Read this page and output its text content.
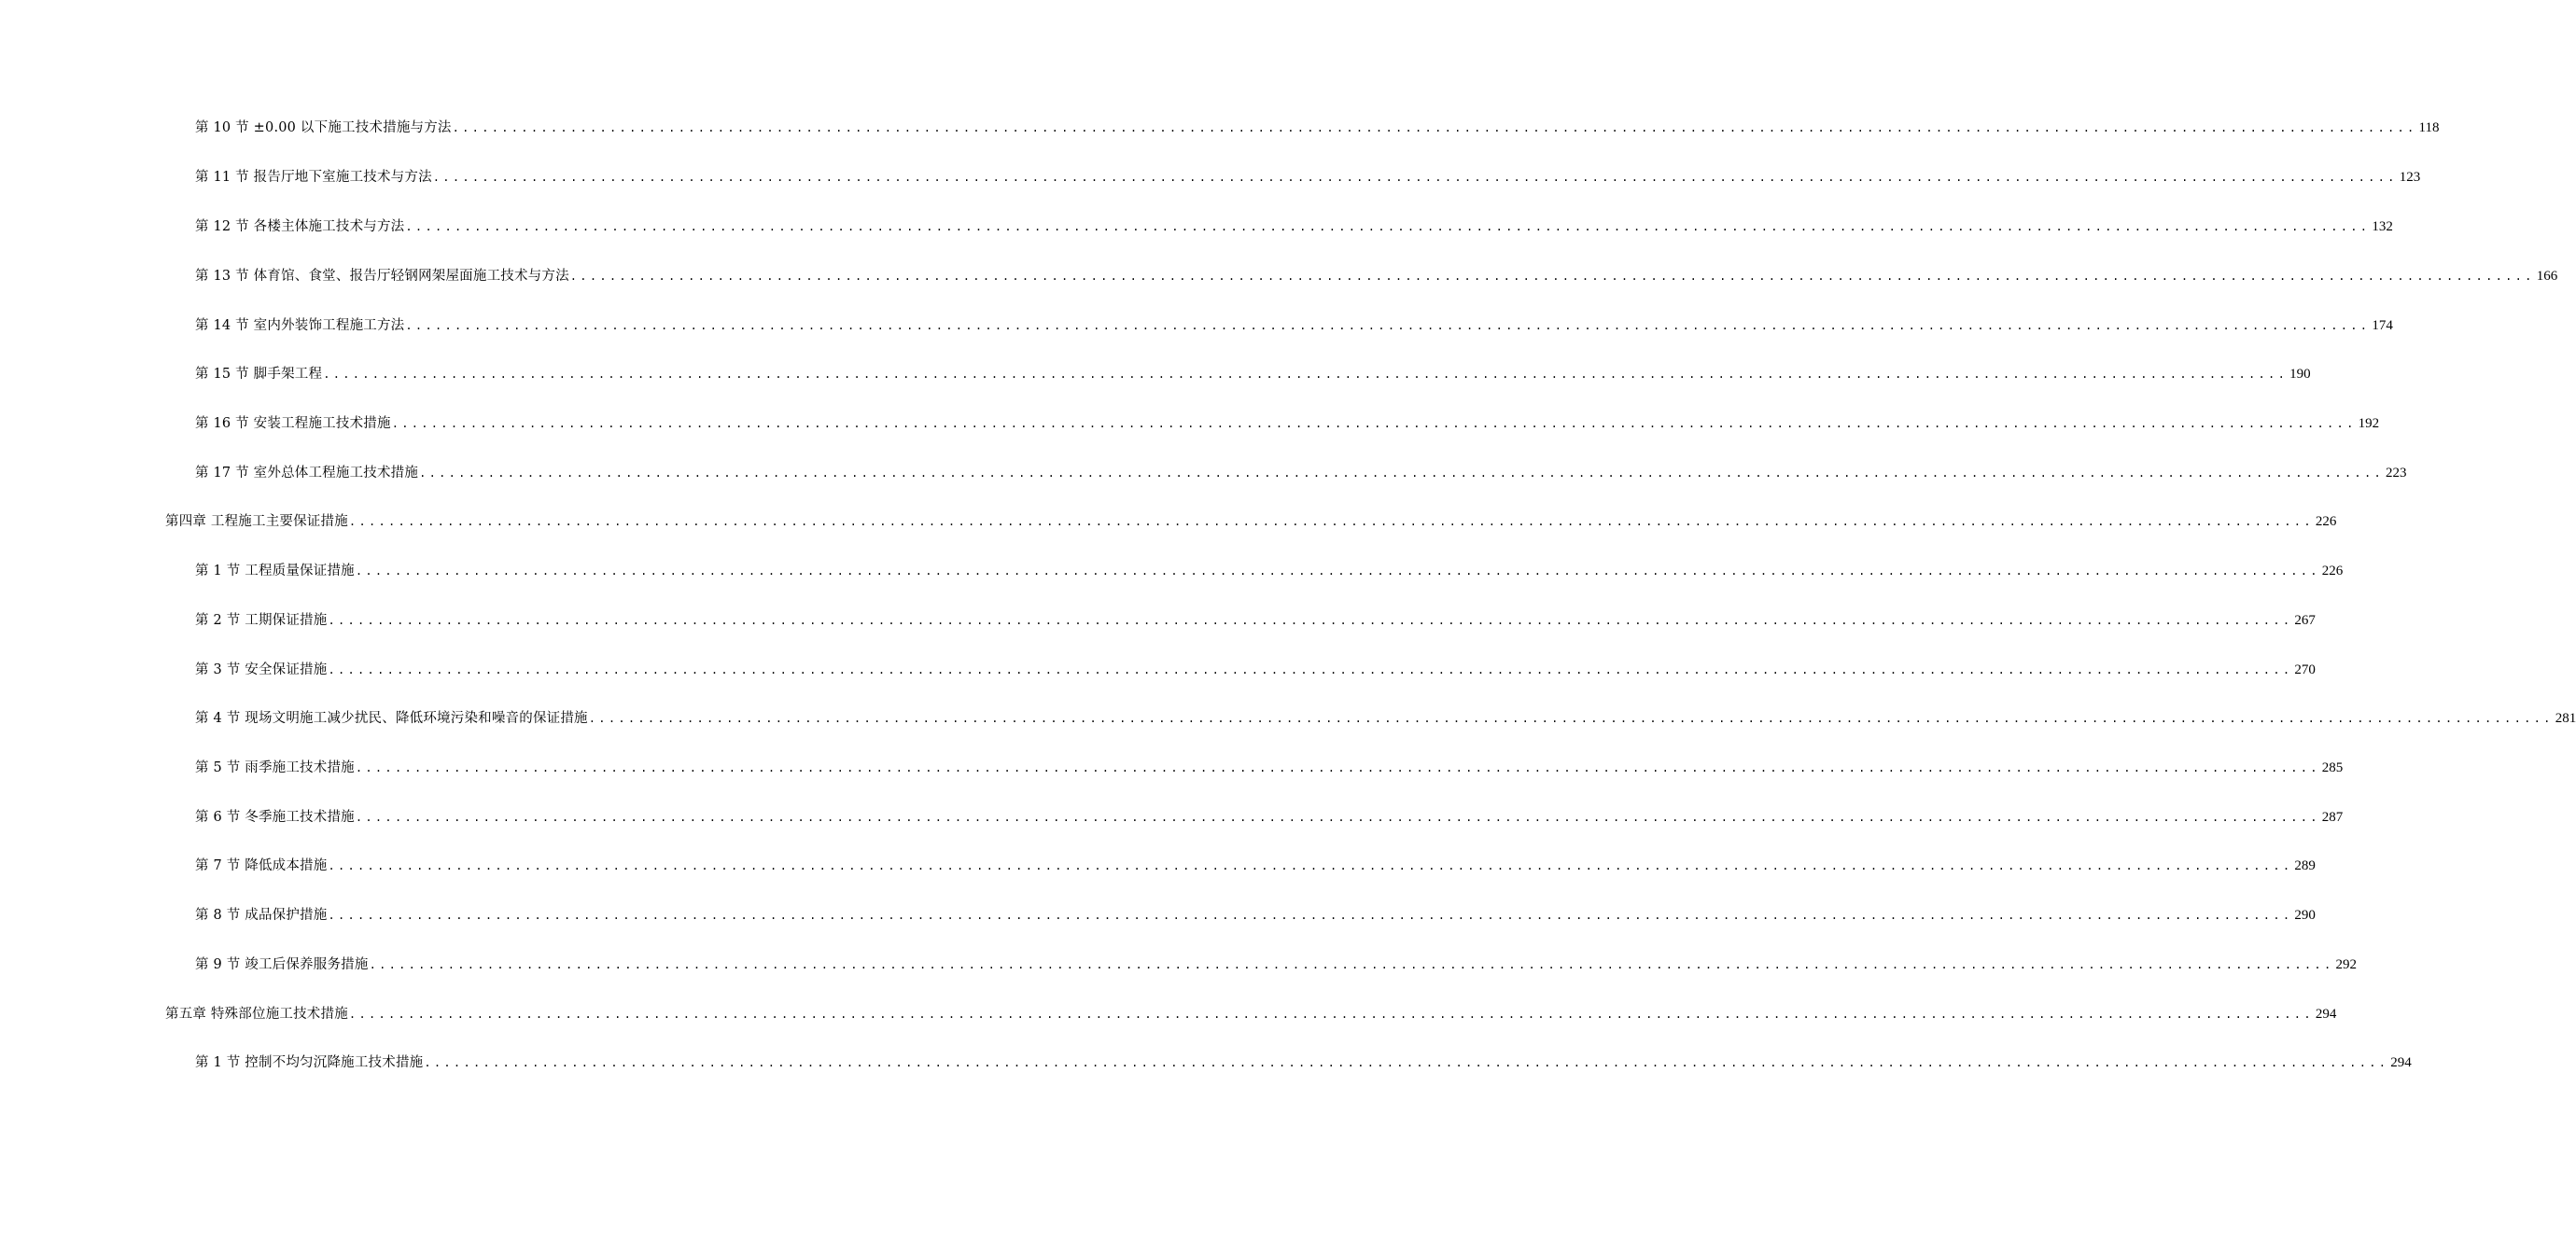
第 10 节 ±0.00 以下施工技术措施与方法 ........................................................................................................................................................................................................ 118
第 11 节 报告厅地下室施工技术与方法 ........................................................................................................................................................................................................ 123
第 12 节 各楼主体施工技术与方法 ........................................................................................................................................................................................................ 132
第 13 节 体育馆、食堂、报告厅轻钢网架屋面施工技术与方法 ........................................................................................................................................................................................................ 166
第 14 节 室内外装饰工程施工方法 ........................................................................................................................................................................................................ 174
第 15 节 脚手架工程 ........................................................................................................................................................................................................ 190
第 16 节 安装工程施工技术措施 ........................................................................................................................................................................................................ 192
第 17 节 室外总体工程施工技术措施 ........................................................................................................................................................................................................ 223
第四章 工程施工主要保证措施 ........................................................................................................................................................................................................ 226
第 1 节 工程质量保证措施 ........................................................................................................................................................................................................ 226
第 2 节 工期保证措施 ........................................................................................................................................................................................................ 267
第 3 节 安全保证措施 ........................................................................................................................................................................................................ 270
第 4 节 现场文明施工减少扰民、降低环境污染和噪音的保证措施 ........................................................................................................................................................................................................ 281
第 5 节 雨季施工技术措施 ........................................................................................................................................................................................................ 285
第 6 节 冬季施工技术措施 ........................................................................................................................................................................................................ 287
第 7 节 降低成本措施 ........................................................................................................................................................................................................ 289
第 8 节 成品保护措施 ........................................................................................................................................................................................................ 290
第 9 节 竣工后保养服务措施 ........................................................................................................................................................................................................ 292
第五章 特殊部位施工技术措施 ........................................................................................................................................................................................................ 294
第 1 节 控制不均匀沉降施工技术措施 ........................................................................................................................................................................................................ 294
